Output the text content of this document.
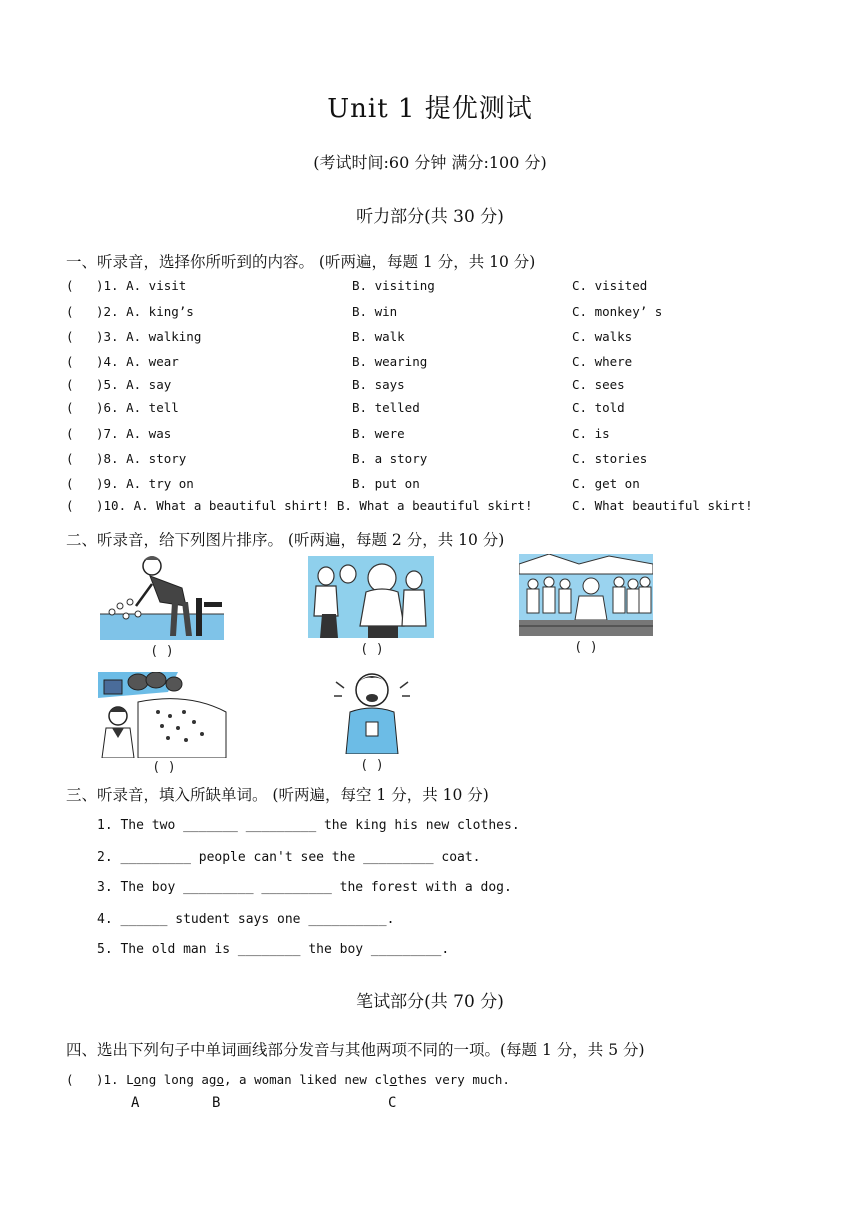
Unit 1 提优测试
(考试时间:60 分钟 满分:100 分)
听力部分(共 30 分)
一、听录音，选择你所听到的内容。 (听两遍，每题 1 分，共 10 分)
( )1. A. visit	B. visiting	C. visited
( )2. A. king’s	B. win	C. monkey’ s
( )3. A. walking	B. walk	C. walks
( )4. A. wear	B. wearing	C. where
( )5. A. say	B. says	C. sees
( )6. A. tell	B. telled	C. told
( )7. A. was	B. were	C. is
( )8. A. story	B. a story	C. stories
( )9. A. try on	B. put on	C. get on
( )10. A. What a beautiful shirt! B. What a beautiful skirt!	C. What beautiful skirt!
二、听录音，给下列图片排序。 (听两遍，每题 2 分，共 10 分)
( )	( )	( )
( )	( )
三、听录音，填入所缺单词。 (听两遍，每空 1 分，共 10 分)
1. The two _______ _________ the king his new clothes.
2. _________ people can't see the _________ coat.
3. The boy _________ _________ the forest with a dog.
4. ______ student says one __________.
5. The old man is ________ the boy _________.
笔试部分(共 70 分)
四、选出下列句子中单词画线部分发音与其他两项不同的一项。(每题 1 分，共 5 分)
( )1. Long long ago, a woman liked new clothes very much.
A	B	C
